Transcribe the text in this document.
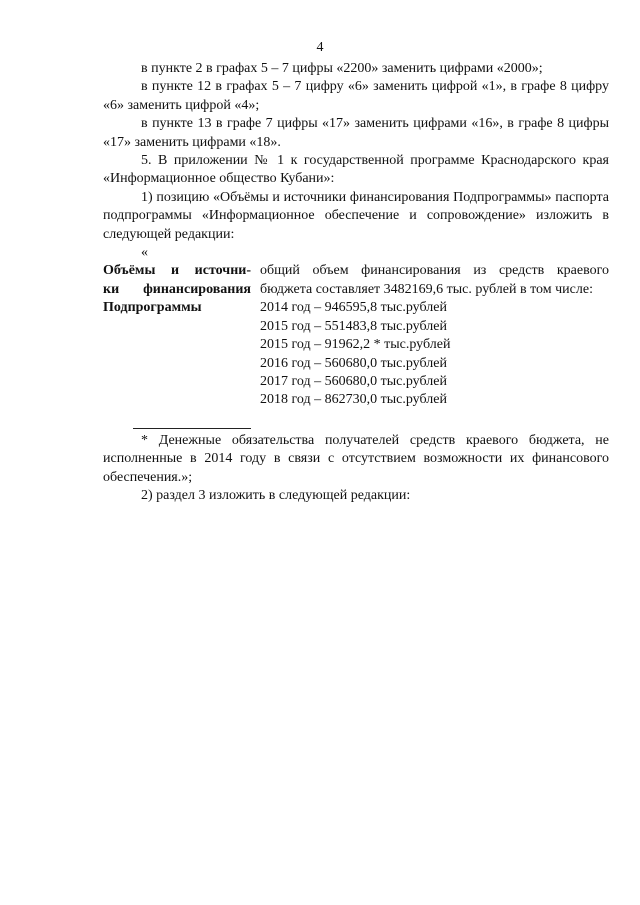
4

в пункте 2 в графах 5 – 7 цифры «2200» заменить цифрами «2000»;

в пункте 12 в графах 5 – 7 цифру «6» заменить цифрой «1», в графе 8 цифру «6» заменить цифрой «4»;

в пункте 13 в графе 7 цифры «17» заменить цифрами «16», в графе 8 цифры «17» заменить цифрами «18».

5. В приложении № 1 к государственной программе Краснодарского края «Информационное общество Кубани»:

1) позицию «Объёмы и источники финансирования Подпрограммы» паспорта подпрограммы «Информационное обеспечение и сопровождение» изложить в следующей редакции:

«

Объёмы и источни-
ки финансирования
Подпрограммы
общий объем финансирования из средств краевого бюджета составляет 3482169,6 тыс. рублей в том числе:
2014 год – 946595,8 тыс.рублей
2015 год – 551483,8 тыс.рублей
2015 год – 91962,2 * тыс.рублей
2016 год – 560680,0 тыс.рублей
2017 год – 560680,0 тыс.рублей
2018 год – 862730,0 тыс.рублей

* Денежные обязательства получателей средств краевого бюджета, не исполненные в 2014 году в связи с отсутствием возможности их финансового обеспечения.»;

2) раздел 3 изложить в следующей редакции:
